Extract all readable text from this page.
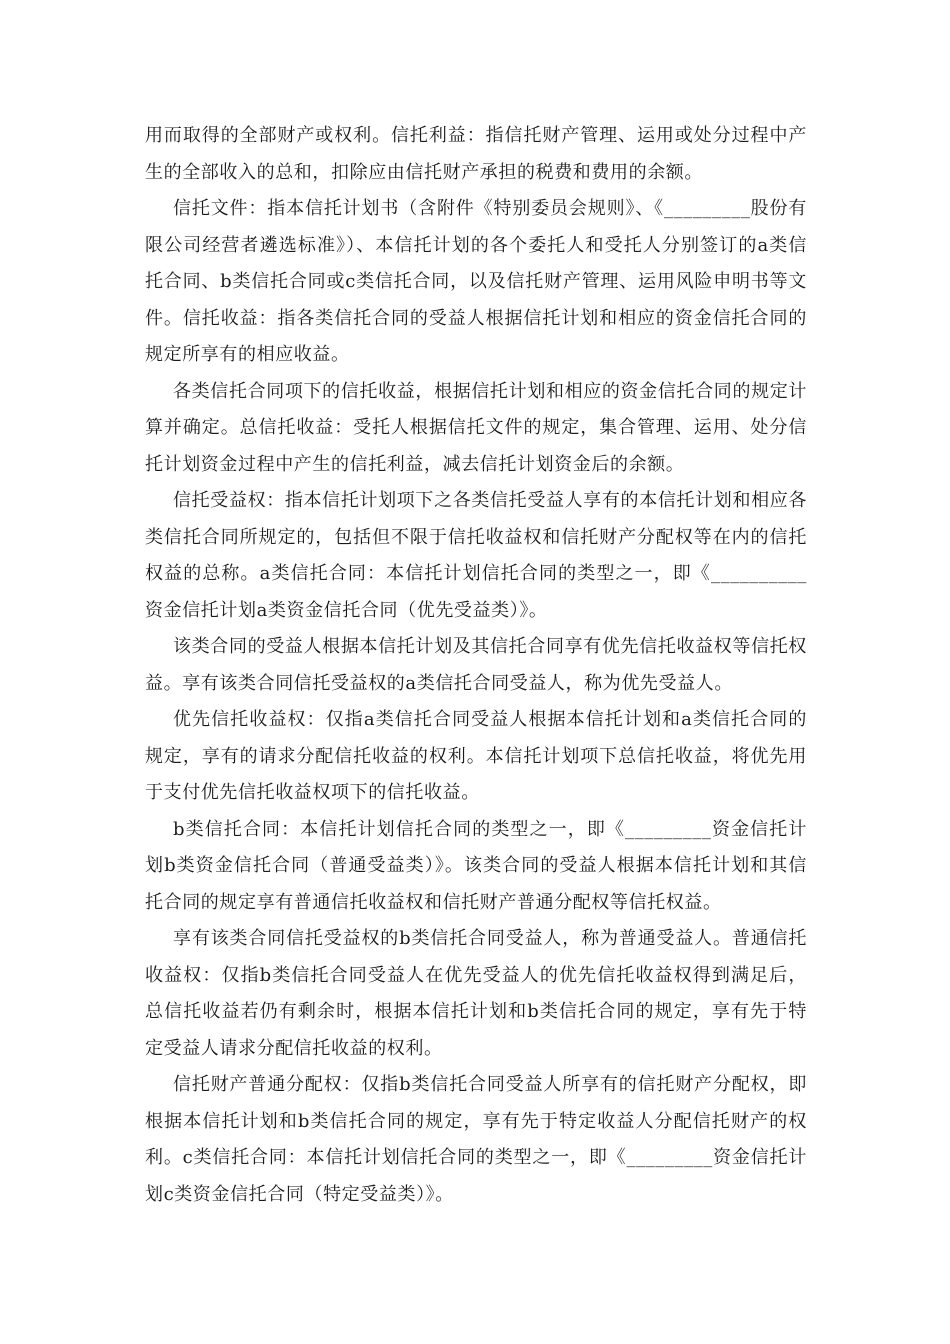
用而取得的全部财产或权利。信托利益：指信托财产管理、运用或处分过程中产生的全部收入的总和，扣除应由信托财产承担的税费和费用的余额。

信托文件：指本信托计划书（含附件《特别委员会规则》、《_________股份有限公司经营者遴选标准》）、本信托计划的各个委托人和受托人分别签订的a类信托合同、b类信托合同或c类信托合同，以及信托财产管理、运用风险申明书等文件。信托收益：指各类信托合同的受益人根据信托计划和相应的资金信托合同的规定所享有的相应收益。

各类信托合同项下的信托收益，根据信托计划和相应的资金信托合同的规定计算并确定。总信托收益：受托人根据信托文件的规定，集合管理、运用、处分信托计划资金过程中产生的信托利益，减去信托计划资金后的余额。

信托受益权：指本信托计划项下之各类信托受益人享有的本信托计划和相应各类信托合同所规定的，包括但不限于信托收益权和信托财产分配权等在内的信托权益的总称。a类信托合同：本信托计划信托合同的类型之一，即《__________资金信托计划a类资金信托合同（优先受益类）》。

该类合同的受益人根据本信托计划及其信托合同享有优先信托收益权等信托权益。享有该类合同信托受益权的a类信托合同受益人，称为优先受益人。

优先信托收益权：仅指a类信托合同受益人根据本信托计划和a类信托合同的规定，享有的请求分配信托收益的权利。本信托计划项下总信托收益，将优先用于支付优先信托收益权项下的信托收益。

b类信托合同：本信托计划信托合同的类型之一，即《_________资金信托计划b类资金信托合同（普通受益类）》。该类合同的受益人根据本信托计划和其信托合同的规定享有普通信托收益权和信托财产普通分配权等信托权益。

享有该类合同信托受益权的b类信托合同受益人，称为普通受益人。普通信托收益权：仅指b类信托合同受益人在优先受益人的优先信托收益权得到满足后，总信托收益若仍有剩余时，根据本信托计划和b类信托合同的规定，享有先于特定受益人请求分配信托收益的权利。

信托财产普通分配权：仅指b类信托合同受益人所享有的信托财产分配权，即根据本信托计划和b类信托合同的规定，享有先于特定收益人分配信托财产的权利。c类信托合同：本信托计划信托合同的类型之一，即《_________资金信托计划c类资金信托合同（特定受益类）》。
